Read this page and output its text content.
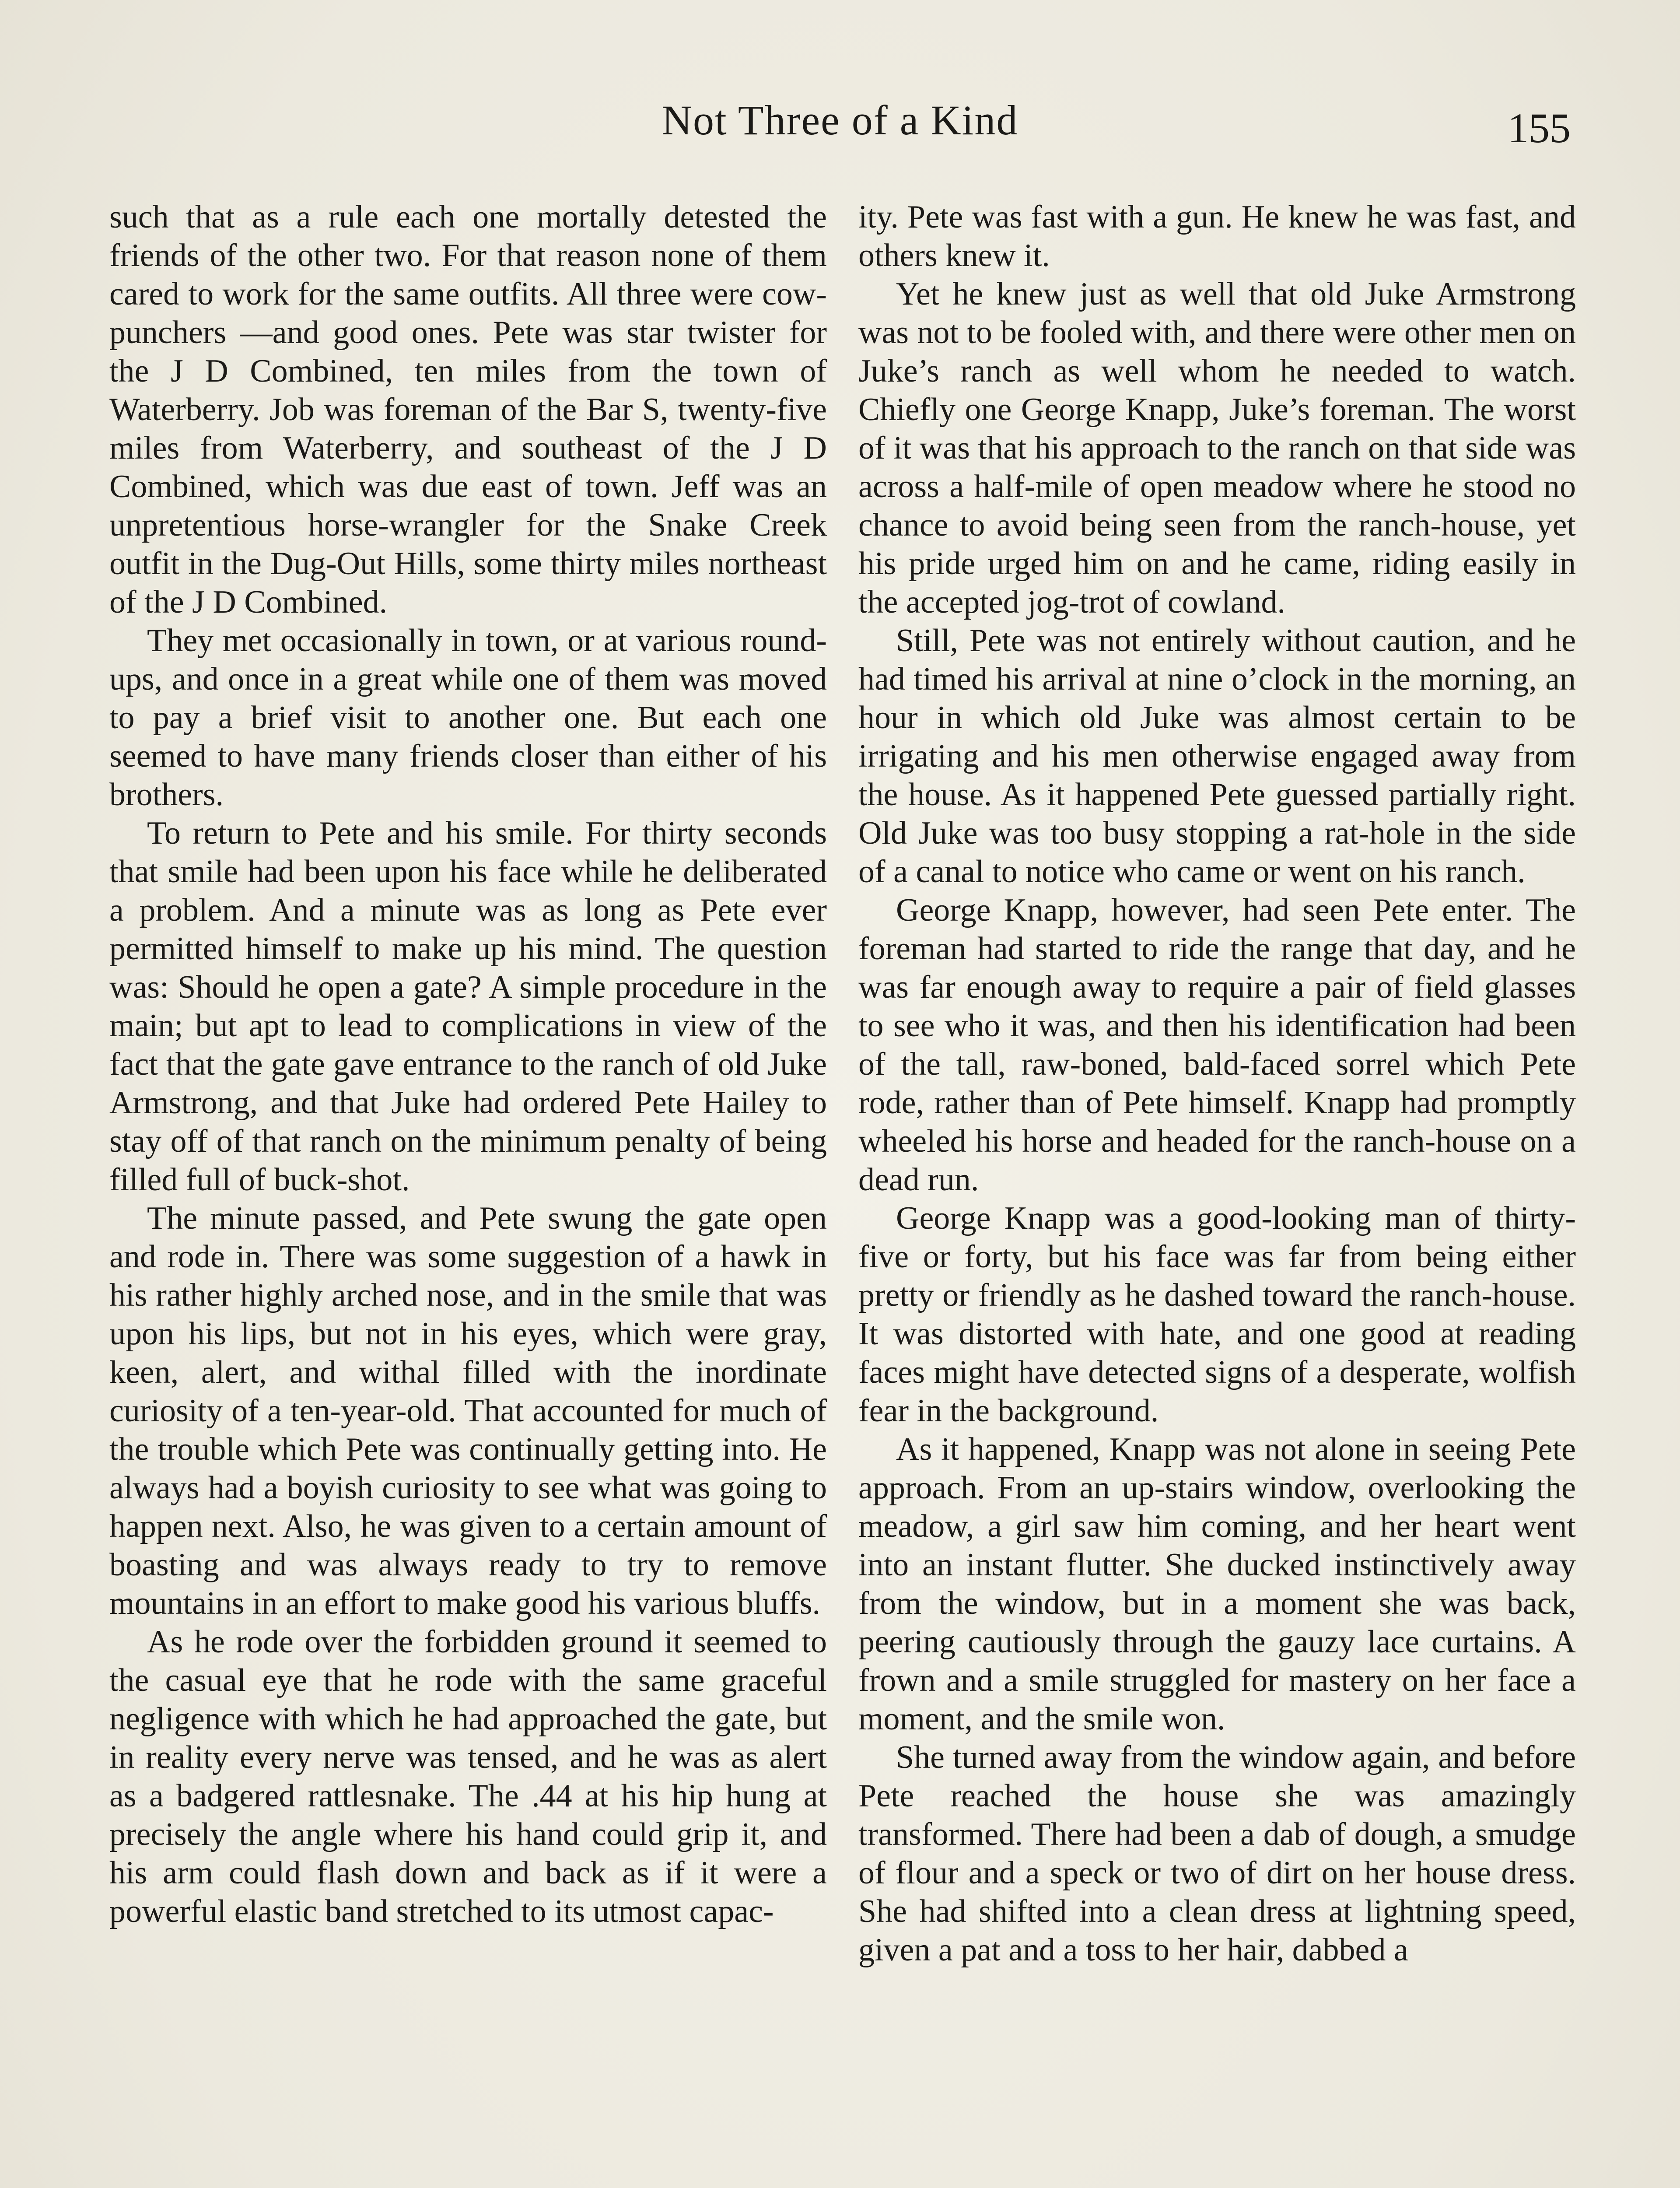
Not Three of a Kind	155

such that as a rule each one mortally detested the friends of the other two. For that reason none of them cared to work for the same outfits. All three were cow-punchers —and good ones. Pete was star twister for the J D Combined, ten miles from the town of Waterberry. Job was foreman of the Bar S, twenty-five miles from Waterberry, and southeast of the J D Combined, which was due east of town. Jeff was an unpretentious horse-wrangler for the Snake Creek outfit in the Dug-Out Hills, some thirty miles northeast of the J D Combined.

They met occasionally in town, or at various round-ups, and once in a great while one of them was moved to pay a brief visit to another one. But each one seemed to have many friends closer than either of his brothers.

To return to Pete and his smile. For thirty seconds that smile had been upon his face while he deliberated a problem. And a minute was as long as Pete ever permitted himself to make up his mind. The question was: Should he open a gate? A simple procedure in the main; but apt to lead to complications in view of the fact that the gate gave entrance to the ranch of old Juke Armstrong, and that Juke had ordered Pete Hailey to stay off of that ranch on the minimum penalty of being filled full of buck-shot.

The minute passed, and Pete swung the gate open and rode in. There was some suggestion of a hawk in his rather highly arched nose, and in the smile that was upon his lips, but not in his eyes, which were gray, keen, alert, and withal filled with the inordinate curiosity of a ten-year-old. That accounted for much of the trouble which Pete was continually getting into. He always had a boyish curiosity to see what was going to happen next. Also, he was given to a certain amount of boasting and was always ready to try to remove mountains in an effort to make good his various bluffs.

As he rode over the forbidden ground it seemed to the casual eye that he rode with the same graceful negligence with which he had approached the gate, but in reality every nerve was tensed, and he was as alert as a badgered rattlesnake. The .44 at his hip hung at precisely the angle where his hand could grip it, and his arm could flash down and back as if it were a powerful elastic band stretched to its utmost capac-

ity. Pete was fast with a gun. He knew he was fast, and others knew it.

Yet he knew just as well that old Juke Armstrong was not to be fooled with, and there were other men on Juke’s ranch as well whom he needed to watch. Chiefly one George Knapp, Juke’s foreman. The worst of it was that his approach to the ranch on that side was across a half-mile of open meadow where he stood no chance to avoid being seen from the ranch-house, yet his pride urged him on and he came, riding easily in the accepted jog-trot of cowland.

Still, Pete was not entirely without caution, and he had timed his arrival at nine o’clock in the morning, an hour in which old Juke was almost certain to be irrigating and his men otherwise engaged away from the house. As it happened Pete guessed partially right. Old Juke was too busy stopping a rat-hole in the side of a canal to notice who came or went on his ranch.

George Knapp, however, had seen Pete enter. The foreman had started to ride the range that day, and he was far enough away to require a pair of field glasses to see who it was, and then his identification had been of the tall, raw-boned, bald-faced sorrel which Pete rode, rather than of Pete himself. Knapp had promptly wheeled his horse and headed for the ranch-house on a dead run.

George Knapp was a good-looking man of thirty-five or forty, but his face was far from being either pretty or friendly as he dashed toward the ranch-house. It was distorted with hate, and one good at reading faces might have detected signs of a desperate, wolfish fear in the background.

As it happened, Knapp was not alone in seeing Pete approach. From an up-stairs window, overlooking the meadow, a girl saw him coming, and her heart went into an instant flutter. She ducked instinctively away from the window, but in a moment she was back, peering cautiously through the gauzy lace curtains. A frown and a smile struggled for mastery on her face a moment, and the smile won.

She turned away from the window again, and before Pete reached the house she was amazingly transformed. There had been a dab of dough, a smudge of flour and a speck or two of dirt on her house dress. She had shifted into a clean dress at lightning speed, given a pat and a toss to her hair, dabbed a
